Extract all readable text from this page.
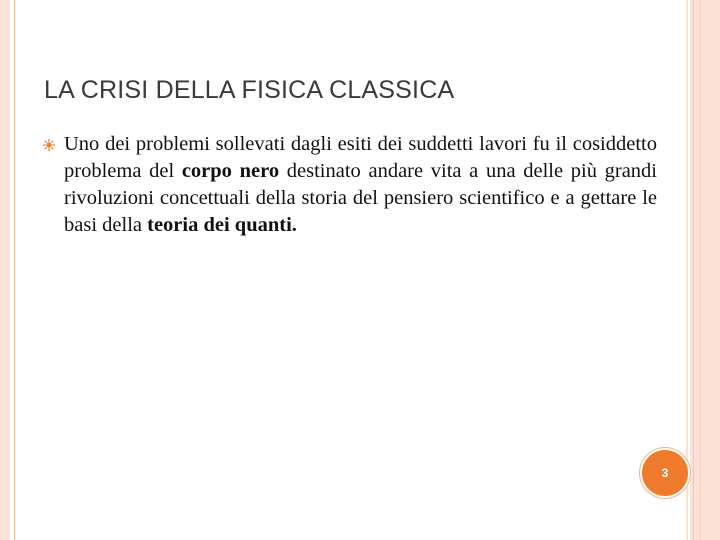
LA CRISI DELLA FISICA CLASSICA

Uno dei problemi sollevati dagli esiti dei suddetti lavori fu il cosiddetto problema del corpo nero destinato andare vita a una delle più grandi rivoluzioni concettuali della storia del pensiero scientifico e a gettare le basi della teoria dei quanti.

3
